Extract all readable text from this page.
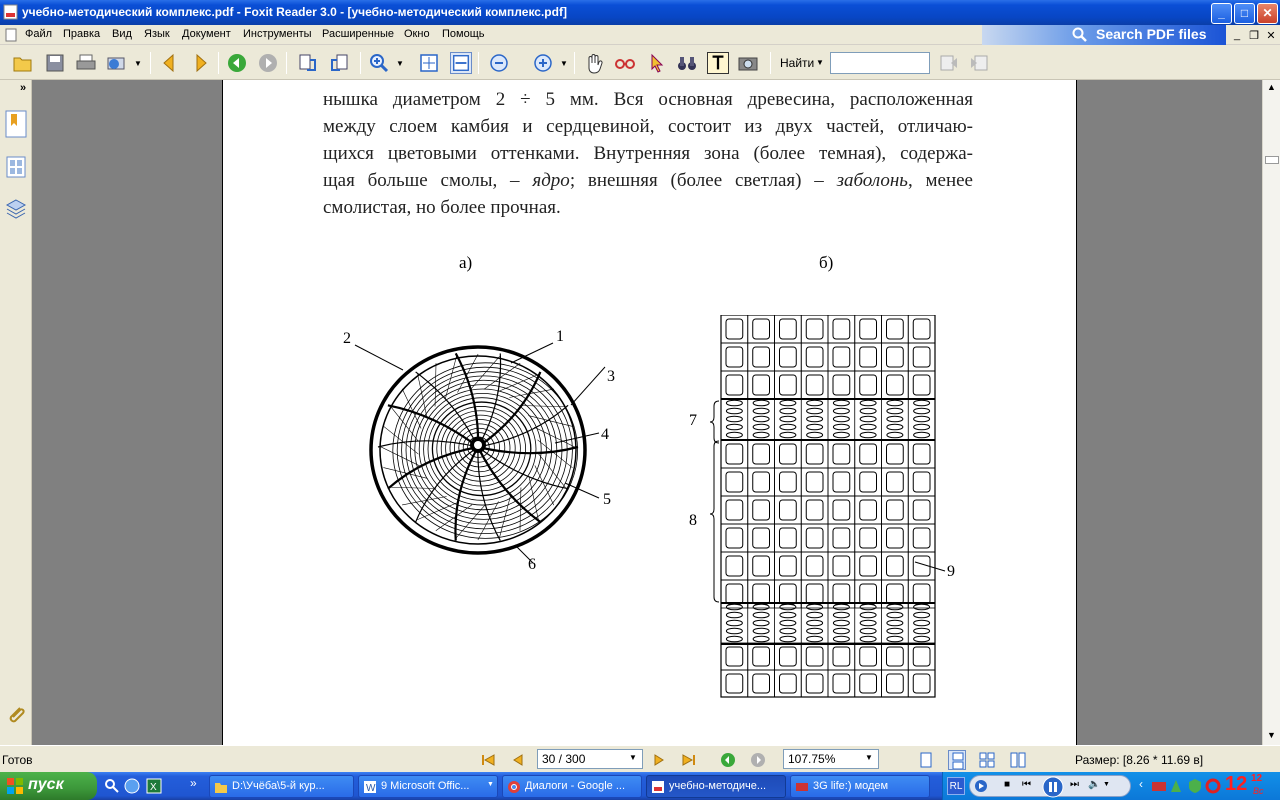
учебно-методический комплекс.pdf - Foxit Reader 3.0 - [учебно-методический комплекс.pdf]	_	□	✕
Файл Правка Вид Язык Документ Инструменты Расширенные Окно Помощь	Search PDF files	_ ❐ ✕
▼	▼	▼	Найти ▼
»
нышка диаметром 2 ÷ 5 мм. Вся основная древесина, расположенная
между слоем камбия и сердцевиной, состоит из двух частей, отличаю-
щихся цветовыми оттенками. Внутренняя зона (более темная), содержа-
щая больше смолы, – ядро; внешняя (более светлая) – заболонь, менее
смолистая, но более прочная.
а)	б)
1
2
3
4
5
6
7
8
9
▲
▼
Готов	30 / 300	▼	107.75%	▼	Размер: [8.26 * 11.69 в]
пуск	X	»	D:\Учёба\5-й кур...	W 9 Microsoft Offic...	▼	Диалоги - Google ...	учебно-методиче...	3G life:) модем	RL	■ ⏮	⏭ 🔈 ▼ ‹	12 12
Вс
